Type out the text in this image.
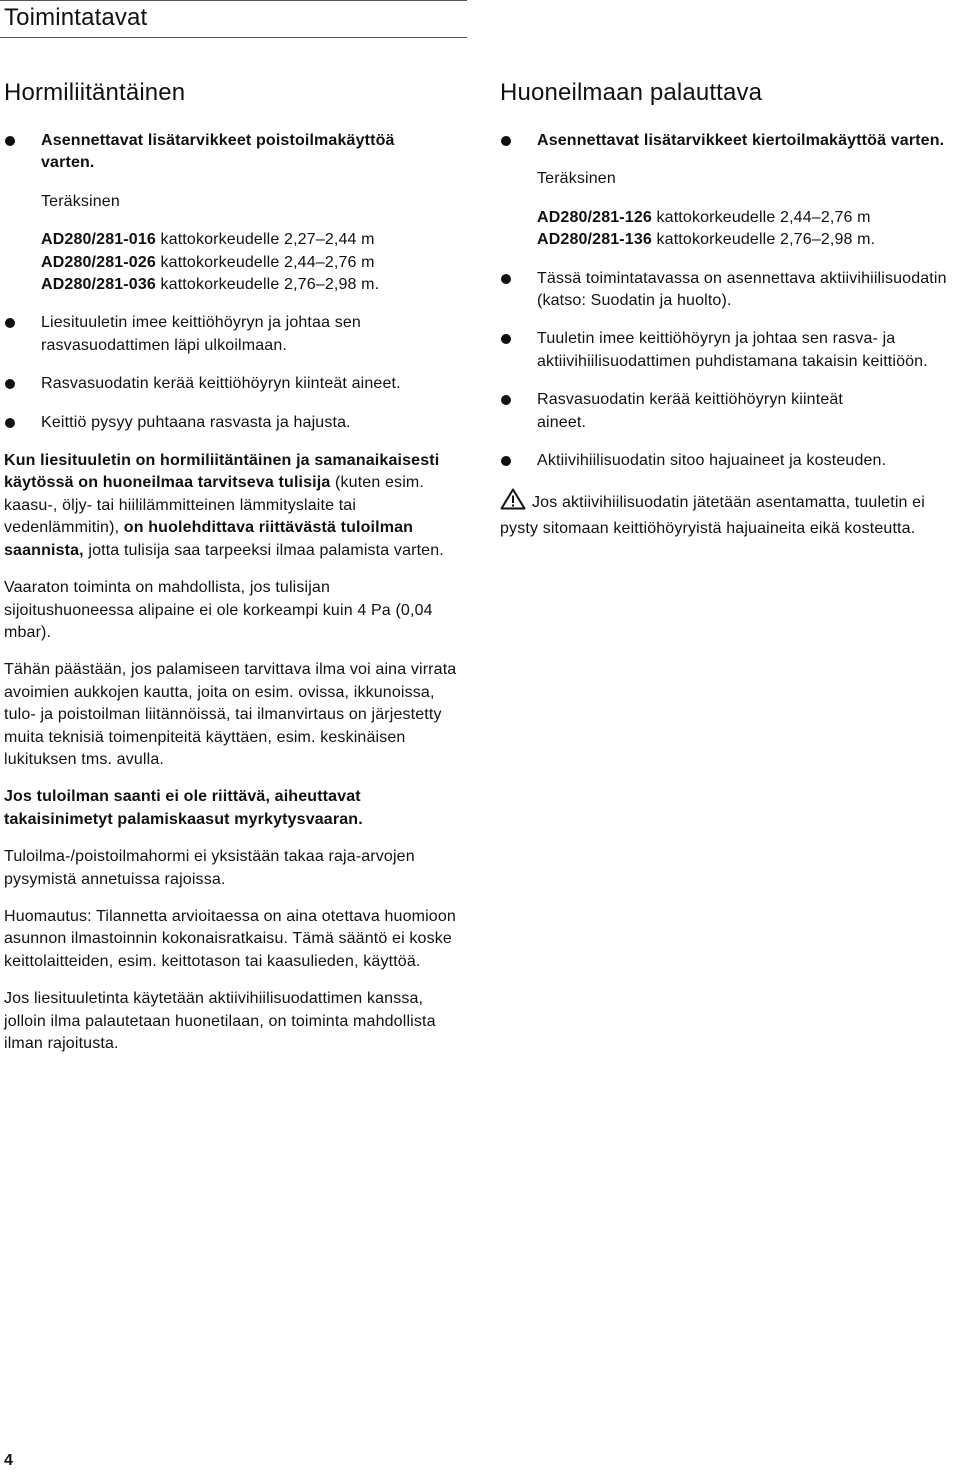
Toimintatavat
Hormiliitäntäinen
Asennettavat lisätarvikkeet poistoilmakäyttöä varten.
Teräksinen
AD280/281-016 kattokorkeudelle 2,27–2,44 m
AD280/281-026 kattokorkeudelle 2,44–2,76 m
AD280/281-036 kattokorkeudelle 2,76–2,98 m.
Liesituuletin imee keittiöhöyryn ja johtaa sen rasvasuodattimen läpi ulkoilmaan.
Rasvasuodatin kerää keittiöhöyryn kiinteät aineet.
Keittiö pysyy puhtaana rasvasta ja hajusta.

Kun liesituuletin on hormiliitäntäinen ja samanaikaisesti käytössä on huoneilmaa tarvitseva tulisija (kuten esim. kaasu-, öljy- tai hiililämmitteinen lämmityslaite tai vedenlämmitin), on huolehdittava riittävästä tuloilman saannista, jotta tulisija saa tarpeeksi ilmaa palamista varten.

Vaaraton toiminta on mahdollista, jos tulisijan sijoitushuoneessa alipaine ei ole korkeampi kuin 4 Pa (0,04 mbar).

Tähän päästään, jos palamiseen tarvittava ilma voi aina virrata avoimien aukkojen kautta, joita on esim. ovissa, ikkunoissa, tulo- ja poistoilman liitännöissä, tai ilmanvirtaus on järjestetty muita teknisiä toimenpiteitä käyttäen, esim. keskinäisen lukituksen tms. avulla.

Jos tuloilman saanti ei ole riittävä, aiheuttavat takaisinimetyt palamiskaasut myrkytysvaaran.

Tuloilma-/poistoilmahormi ei yksistään takaa raja-arvojen pysymistä annetuissa rajoissa.

Huomautus: Tilannetta arvioitaessa on aina otettava huomioon asunnon ilmastoinnin kokonaisratkaisu. Tämä sääntö ei koske keittolaitteiden, esim. keittotason tai kaasulieden, käyttöä.

Jos liesituuletinta käytetään aktiivihiilisuodattimen kanssa, jolloin ilma palautetaan huonetilaan, on toiminta mahdollista ilman rajoitusta.

Huoneilmaan palauttava
Asennettavat lisätarvikkeet kiertoilmakäyttöä varten.
Teräksinen
AD280/281-126 kattokorkeudelle 2,44–2,76 m
AD280/281-136 kattokorkeudelle 2,76–2,98 m.
Tässä toimintatavassa on asennettava aktiivihiilisuodatin (katso: Suodatin ja huolto).
Tuuletin imee keittiöhöyryn ja johtaa sen rasva- ja aktiivihiilisuodattimen puhdistamana takaisin keittiöön.
Rasvasuodatin kerää keittiöhöyryn kiinteät aineet.
Aktiivihiilisuodatin sitoo hajuaineet ja kosteuden.

Jos aktiivihiilisuodatin jätetään asentamatta, tuuletin ei pysty sitomaan keittiöhöyryistä hajuaineita eikä kosteutta.

4
